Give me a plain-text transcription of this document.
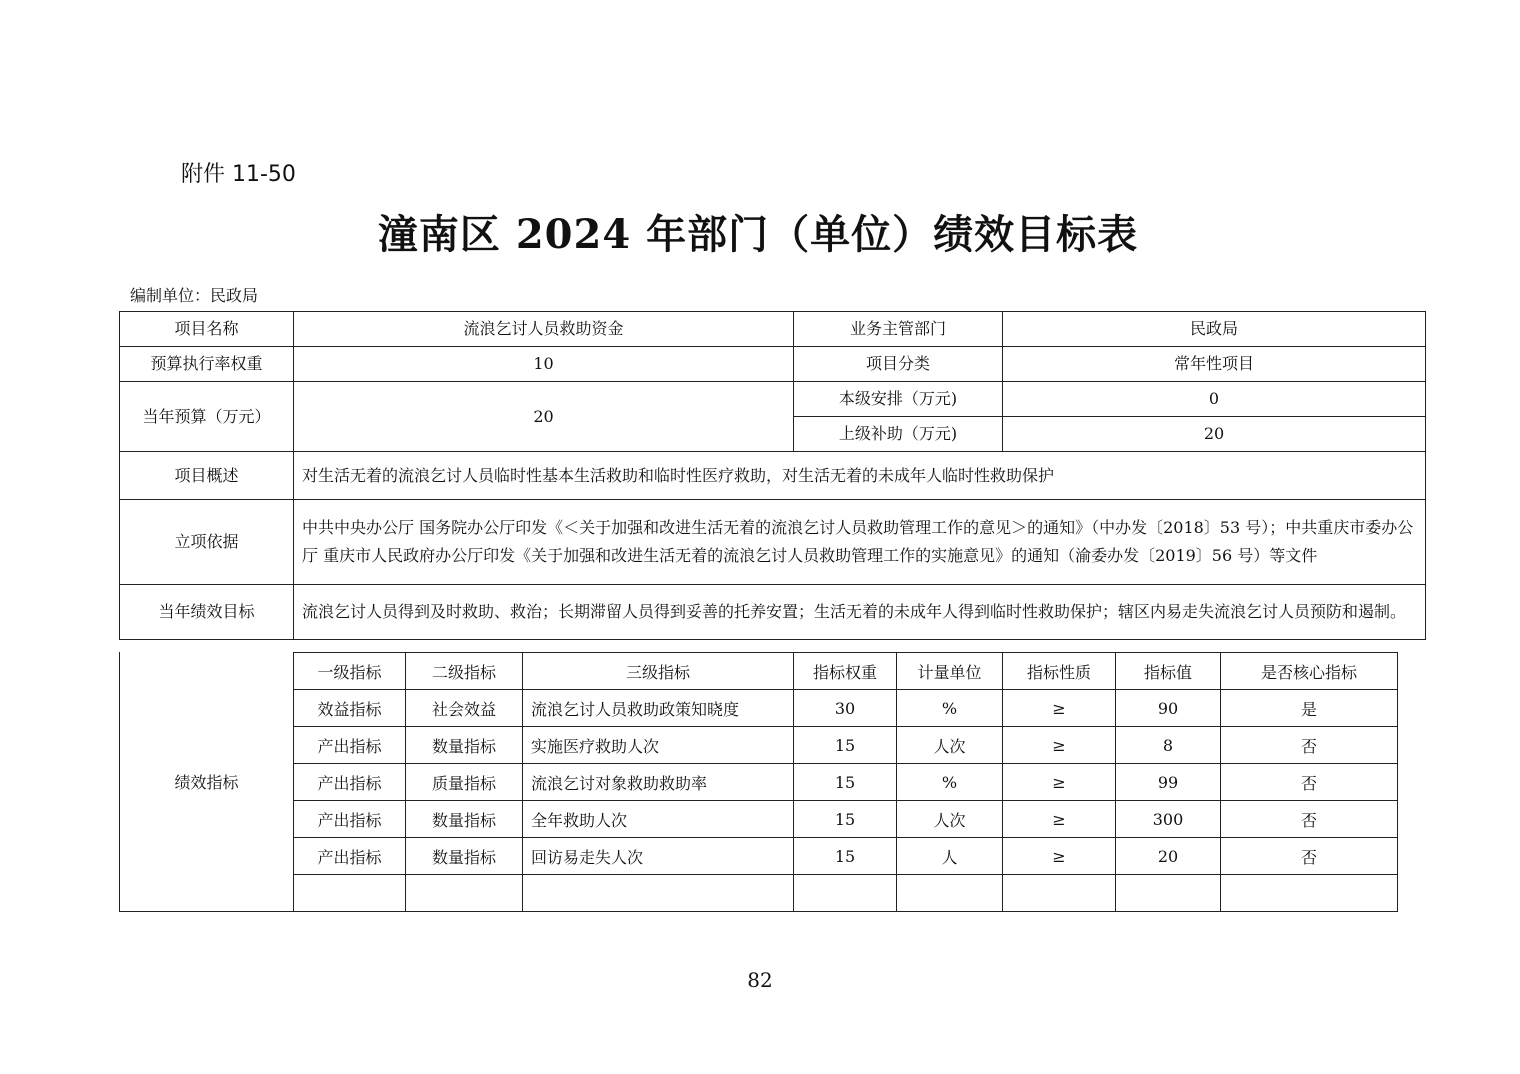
附件 11-50
潼南区 2024 年部门（单位）绩效目标表
编制单位：民政局
项目名称	流浪乞讨人员救助资金	业务主管部门	民政局
预算执行率权重	10	项目分类	常年性项目
当年预算（万元）	20	本级安排（万元)	0
		上级补助（万元)	20
项目概述	对生活无着的流浪乞讨人员临时性基本生活救助和临时性医疗救助，对生活无着的未成年人临时性救助保护		
立项依据	中共中央办公厅 国务院办公厅印发《＜关于加强和改进生活无着的流浪乞讨人员救助管理工作的意见＞的通知》（中办发〔2018〕53 号）；中共重庆市委办公厅 重庆市人民政府办公厅印发《关于加强和改进生活无着的流浪乞讨人员救助管理工作的实施意见》的通知（渝委办发〔2019〕56 号）等文件		

当年绩效目标	流浪乞讨人员得到及时救助、救治；长期滞留人员得到妥善的托养安置；生活无着的未成年人得到临时性救助保护；辖区内易走失流浪乞讨人员预防和遏制。		
绩效指标
一级指标	二级指标	三级指标	指标权重	计量单位	指标性质	指标值	是否核心指标
效益指标	社会效益	流浪乞讨人员救助政策知晓度	30	%	≥	90	是
产出指标	数量指标	实施医疗救助人次	15	人次	≥	8	否
产出指标	质量指标	流浪乞讨对象救助救助率	15	%	≥	99	否
产出指标	数量指标	全年救助人次	15	人次	≥	300	否
产出指标	数量指标	回访易走失人次	15	人	≥	20	否

82
